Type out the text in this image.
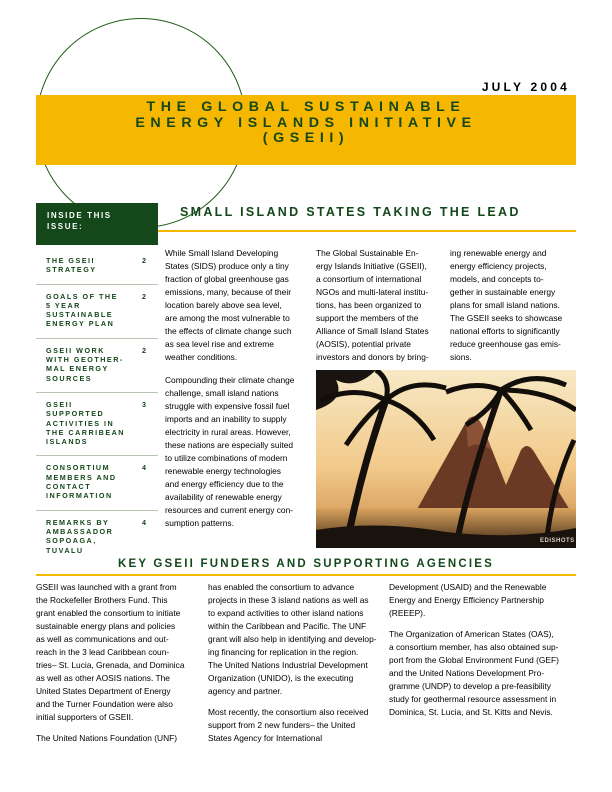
JULY 2004
THE GLOBAL SUSTAINABLE
ENERGY ISLANDS INITIATIVE
(GSEII)
INSIDE THIS
ISSUE:
THE GSEII
STRATEGY
2
GOALS OF THE
5 YEAR
SUSTAINABLE
ENERGY PLAN
2
GSEII WORK
WITH GEOTHER-
MAL ENERGY
SOURCES
2
GSEII
SUPPORTED
ACTIVITIES IN
THE CARRIBEAN
ISLANDS
3
CONSORTIUM
MEMBERS AND
CONTACT
INFORMATION
4
REMARKS BY
AMBASSADOR
SOPOAGA,
TUVALU
4
SMALL ISLAND STATES TAKING THE LEAD

While Small Island Developing
States (SIDS) produce only a tiny
fraction of global greenhouse gas
emissions, many, because of their
location barely above sea level,
are among the most vulnerable to
the effects of climate change such
as sea level rise and extreme
weather conditions.

Compounding their climate change
challenge, small island nations
struggle with expensive fossil fuel
imports and an inability to supply
electricity in rural areas. However,
these nations are especially suited
to utilize combinations of modern
renewable energy technologies
and energy efficiency due to the
availability of renewable energy
resources and current energy con-
sumption patterns.

The Global Sustainable En-
ergy Islands Initiative (GSEII),
a consortium of international
NGOs and multi-lateral institu-
tions, has been organized to
support the members of the
Alliance of Small Island States
(AOSIS), potential private
investors and donors by bring-

ing renewable energy and
energy efficiency projects,
models, and concepts to-
gether in sustainable energy
plans for small island nations.
The GSEII seeks to showcase
national efforts to significantly
reduce greenhouse gas emis-
sions.

EDISHOTS
KEY GSEII FUNDERS AND SUPPORTING AGENCIES

GSEII was launched with a grant from
the Rockefeller Brothers Fund. This
grant enabled the consortium to initiate
sustainable energy plans and policies
as well as communications and out-
reach in the 3 lead Caribbean coun-
tries– St. Lucia, Grenada, and Dominica
as well as other AOSIS nations. The
United States Department of Energy
and the Turner Foundation were also
initial supporters of GSEII.

The United Nations Foundation (UNF)

has enabled the consortium to advance
projects in these 3 island nations as well as
to expand activities to other island nations
within the Caribbean and Pacific. The UNF
grant will also help in identifying and develop-
ing financing for replication in the region.
The United Nations Industrial Development
Organization (UNIDO), is the executing
agency and partner.

Most recently, the consortium also received
support from 2 new funders– the United
States Agency for International

Development (USAID) and the Renewable
Energy and Energy Efficiency Partnership
(REEEP).

The Organization of American States (OAS),
a consortium member, has also obtained sup-
port from the Global Environment Fund (GEF)
and the United Nations Development Pro-
gramme (UNDP) to develop a pre-feasibility
study for geothermal resource assessment in
Dominica, St. Lucia, and St. Kitts and Nevis.
